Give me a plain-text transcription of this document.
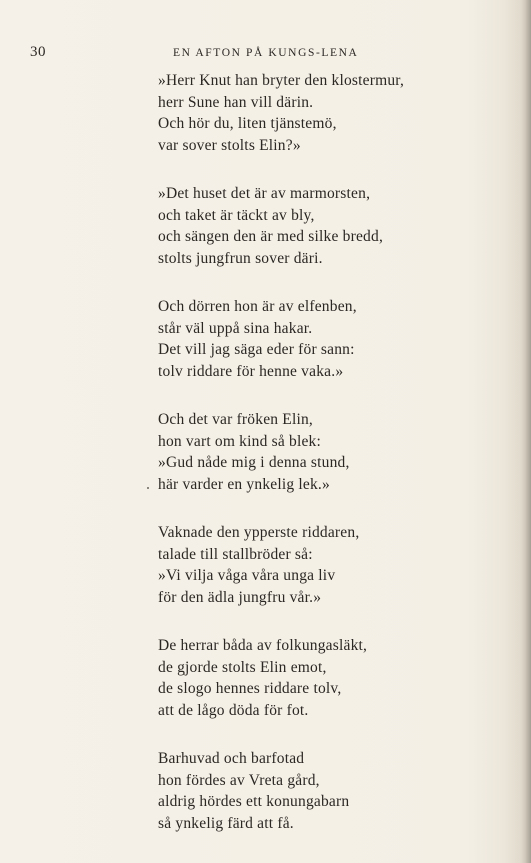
30	EN AFTON PÅ KUNGS-LENA
»Herr Knut han bryter den klostermur,
herr Sune han vill därin.
Och hör du, liten tjänstemö,
var sover stolts Elin?»
»Det huset det är av marmorsten,
och taket är täckt av bly,
och sängen den är med silke bredd,
stolts jungfrun sover däri.
Och dörren hon är av elfenben,
står väl uppå sina hakar.
Det vill jag säga eder för sann:
tolv riddare för henne vaka.»
Och det var fröken Elin,
hon vart om kind så blek:
»Gud nåde mig i denna stund,
här varder en ynkelig lek.»
Vaknade den ypperste riddaren,
talade till stallbröder så:
»Vi vilja våga våra unga liv
för den ädla jungfru vår.»
De herrar båda av folkungasläkt,
de gjorde stolts Elin emot,
de slogo hennes riddare tolv,
att de lågo döda för fot.
Barhuvad och barfotad
hon fördes av Vreta gård,
aldrig hördes ett konungabarn
så ynkelig färd att få.
